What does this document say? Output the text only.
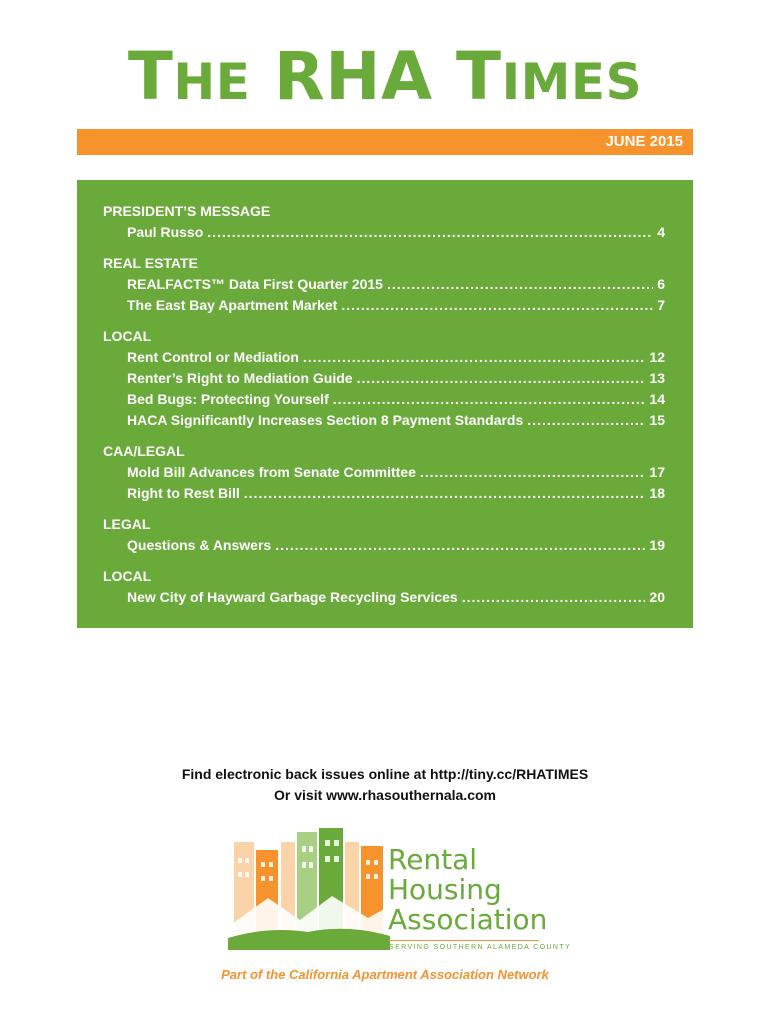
THE RHA TIMES
JUNE 2015
PRESIDENT’S MESSAGE
Paul Russo .....	4
REAL ESTATE
REALFACTS™ Data First Quarter 2015 .....	6
The East Bay Apartment Market .....	7
LOCAL
Rent Control or Mediation .....	12
Renter’s Right to Mediation Guide .....	13
Bed Bugs: Protecting Yourself .....	14
HACA Significantly Increases Section 8 Payment Standards .....	15
CAA/LEGAL
Mold Bill Advances from Senate Committee .....	17
Right to Rest Bill .....	18
LEGAL
Questions & Answers .....	19
LOCAL
New City of Hayward Garbage Recycling Services .....	20
Find electronic back issues online at http://tiny.cc/RHATIMES
Or visit www.rhasouthernala.com
Rental
Housing
Association
SERVING SOUTHERN ALAMEDA COUNTY
Part of the California Apartment Association Network
